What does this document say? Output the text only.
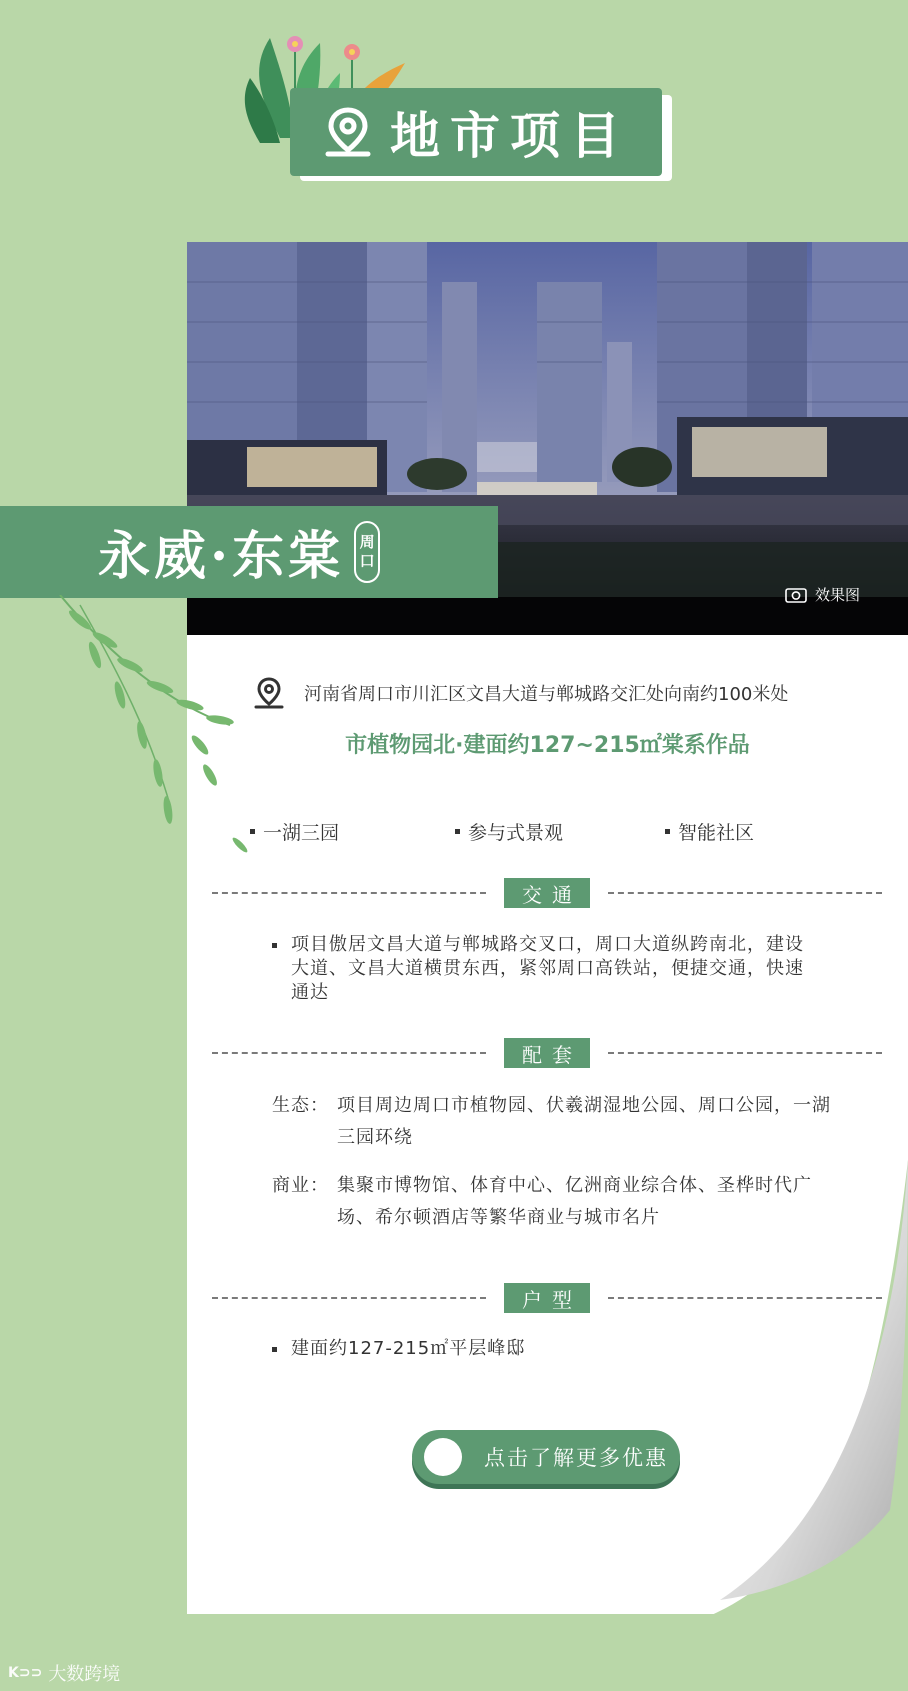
地市项目
效果图
永威·东棠 周
口
河南省周口市川汇区文昌大道与郸城路交汇处向南约100米处
市植物园北·建面约127~215㎡棠系作品
一湖三园	参与式景观	智能社区
交通
项目傲居文昌大道与郸城路交叉口，周口大道纵跨南北，建设大道、文昌大道横贯东西，紧邻周口高铁站，便捷交通，快速通达
配套
生态： 项目周边周口市植物园、伏羲湖湿地公园、周口公园，一湖三园环绕
商业： 集聚市博物馆、体育中心、亿洲商业综合体、圣桦时代广场、希尔顿酒店等繁华商业与城市名片
户型
建面约127-215㎡平层峰邸
点击了解更多优惠
K⊃⊃ 大数跨境
